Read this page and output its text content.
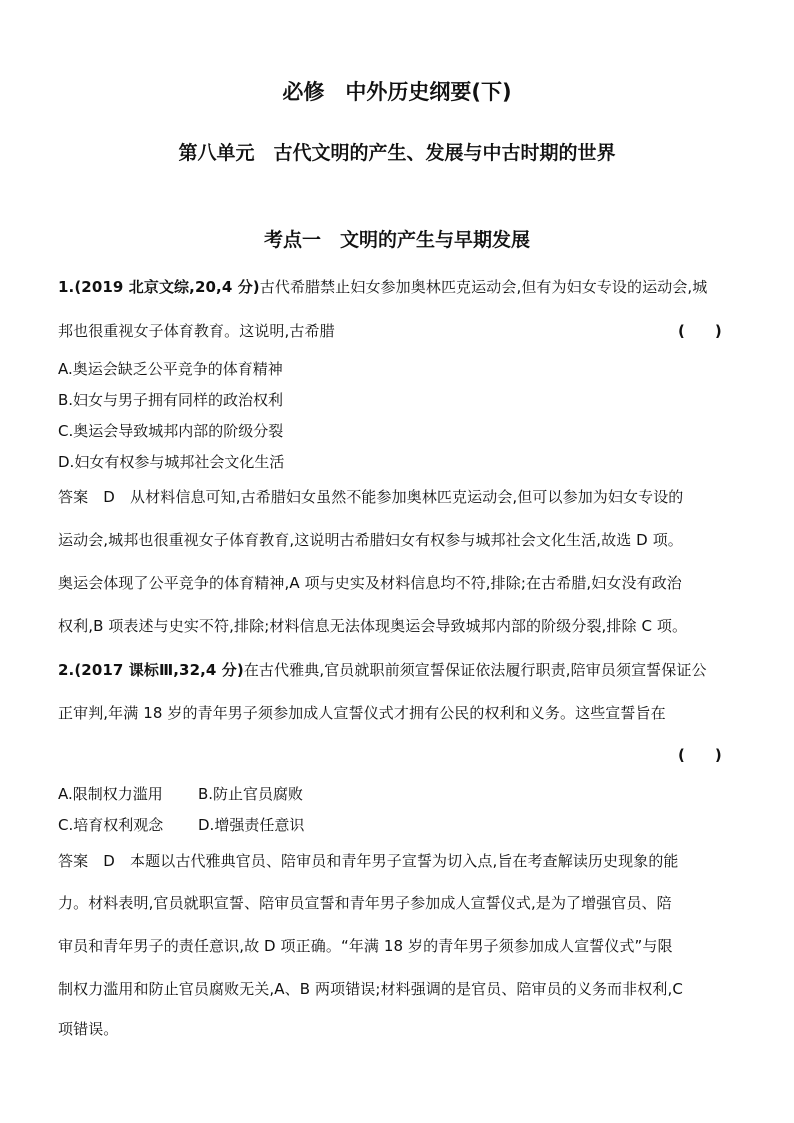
必修　中外历史纲要(下)
第八单元　古代文明的产生、发展与中古时期的世界
考点一　文明的产生与早期发展
1.(2019 北京文综,20,4 分)古代希腊禁止妇女参加奥林匹克运动会,但有为妇女专设的运动会,城
邦也很重视女子体育教育。这说明,古希腊	(　　)
A.奥运会缺乏公平竞争的体育精神
B.妇女与男子拥有同样的政治权利
C.奥运会导致城邦内部的阶级分裂
D.妇女有权参与城邦社会文化生活
答案　D　从材料信息可知,古希腊妇女虽然不能参加奥林匹克运动会,但可以参加为妇女专设的
运动会,城邦也很重视女子体育教育,这说明古希腊妇女有权参与城邦社会文化生活,故选 D 项。
奥运会体现了公平竞争的体育精神,A 项与史实及材料信息均不符,排除;在古希腊,妇女没有政治
权利,B 项表述与史实不符,排除;材料信息无法体现奥运会导致城邦内部的阶级分裂,排除 C 项。
2.(2017 课标Ⅲ,32,4 分)在古代雅典,官员就职前须宣誓保证依法履行职责,陪审员须宣誓保证公
正审判,年满 18 岁的青年男子须参加成人宣誓仪式才拥有公民的权利和义务。这些宣誓旨在
(　　)
A.限制权力滥用 B.防止官员腐败
C.培育权利观念 D.增强责任意识
答案　D　本题以古代雅典官员、陪审员和青年男子宣誓为切入点,旨在考查解读历史现象的能
力。材料表明,官员就职宣誓、陪审员宣誓和青年男子参加成人宣誓仪式,是为了增强官员、陪
审员和青年男子的责任意识,故 D 项正确。“年满 18 岁的青年男子须参加成人宣誓仪式”与限
制权力滥用和防止官员腐败无关,A、B 两项错误;材料强调的是官员、陪审员的义务而非权利,C
项错误。
